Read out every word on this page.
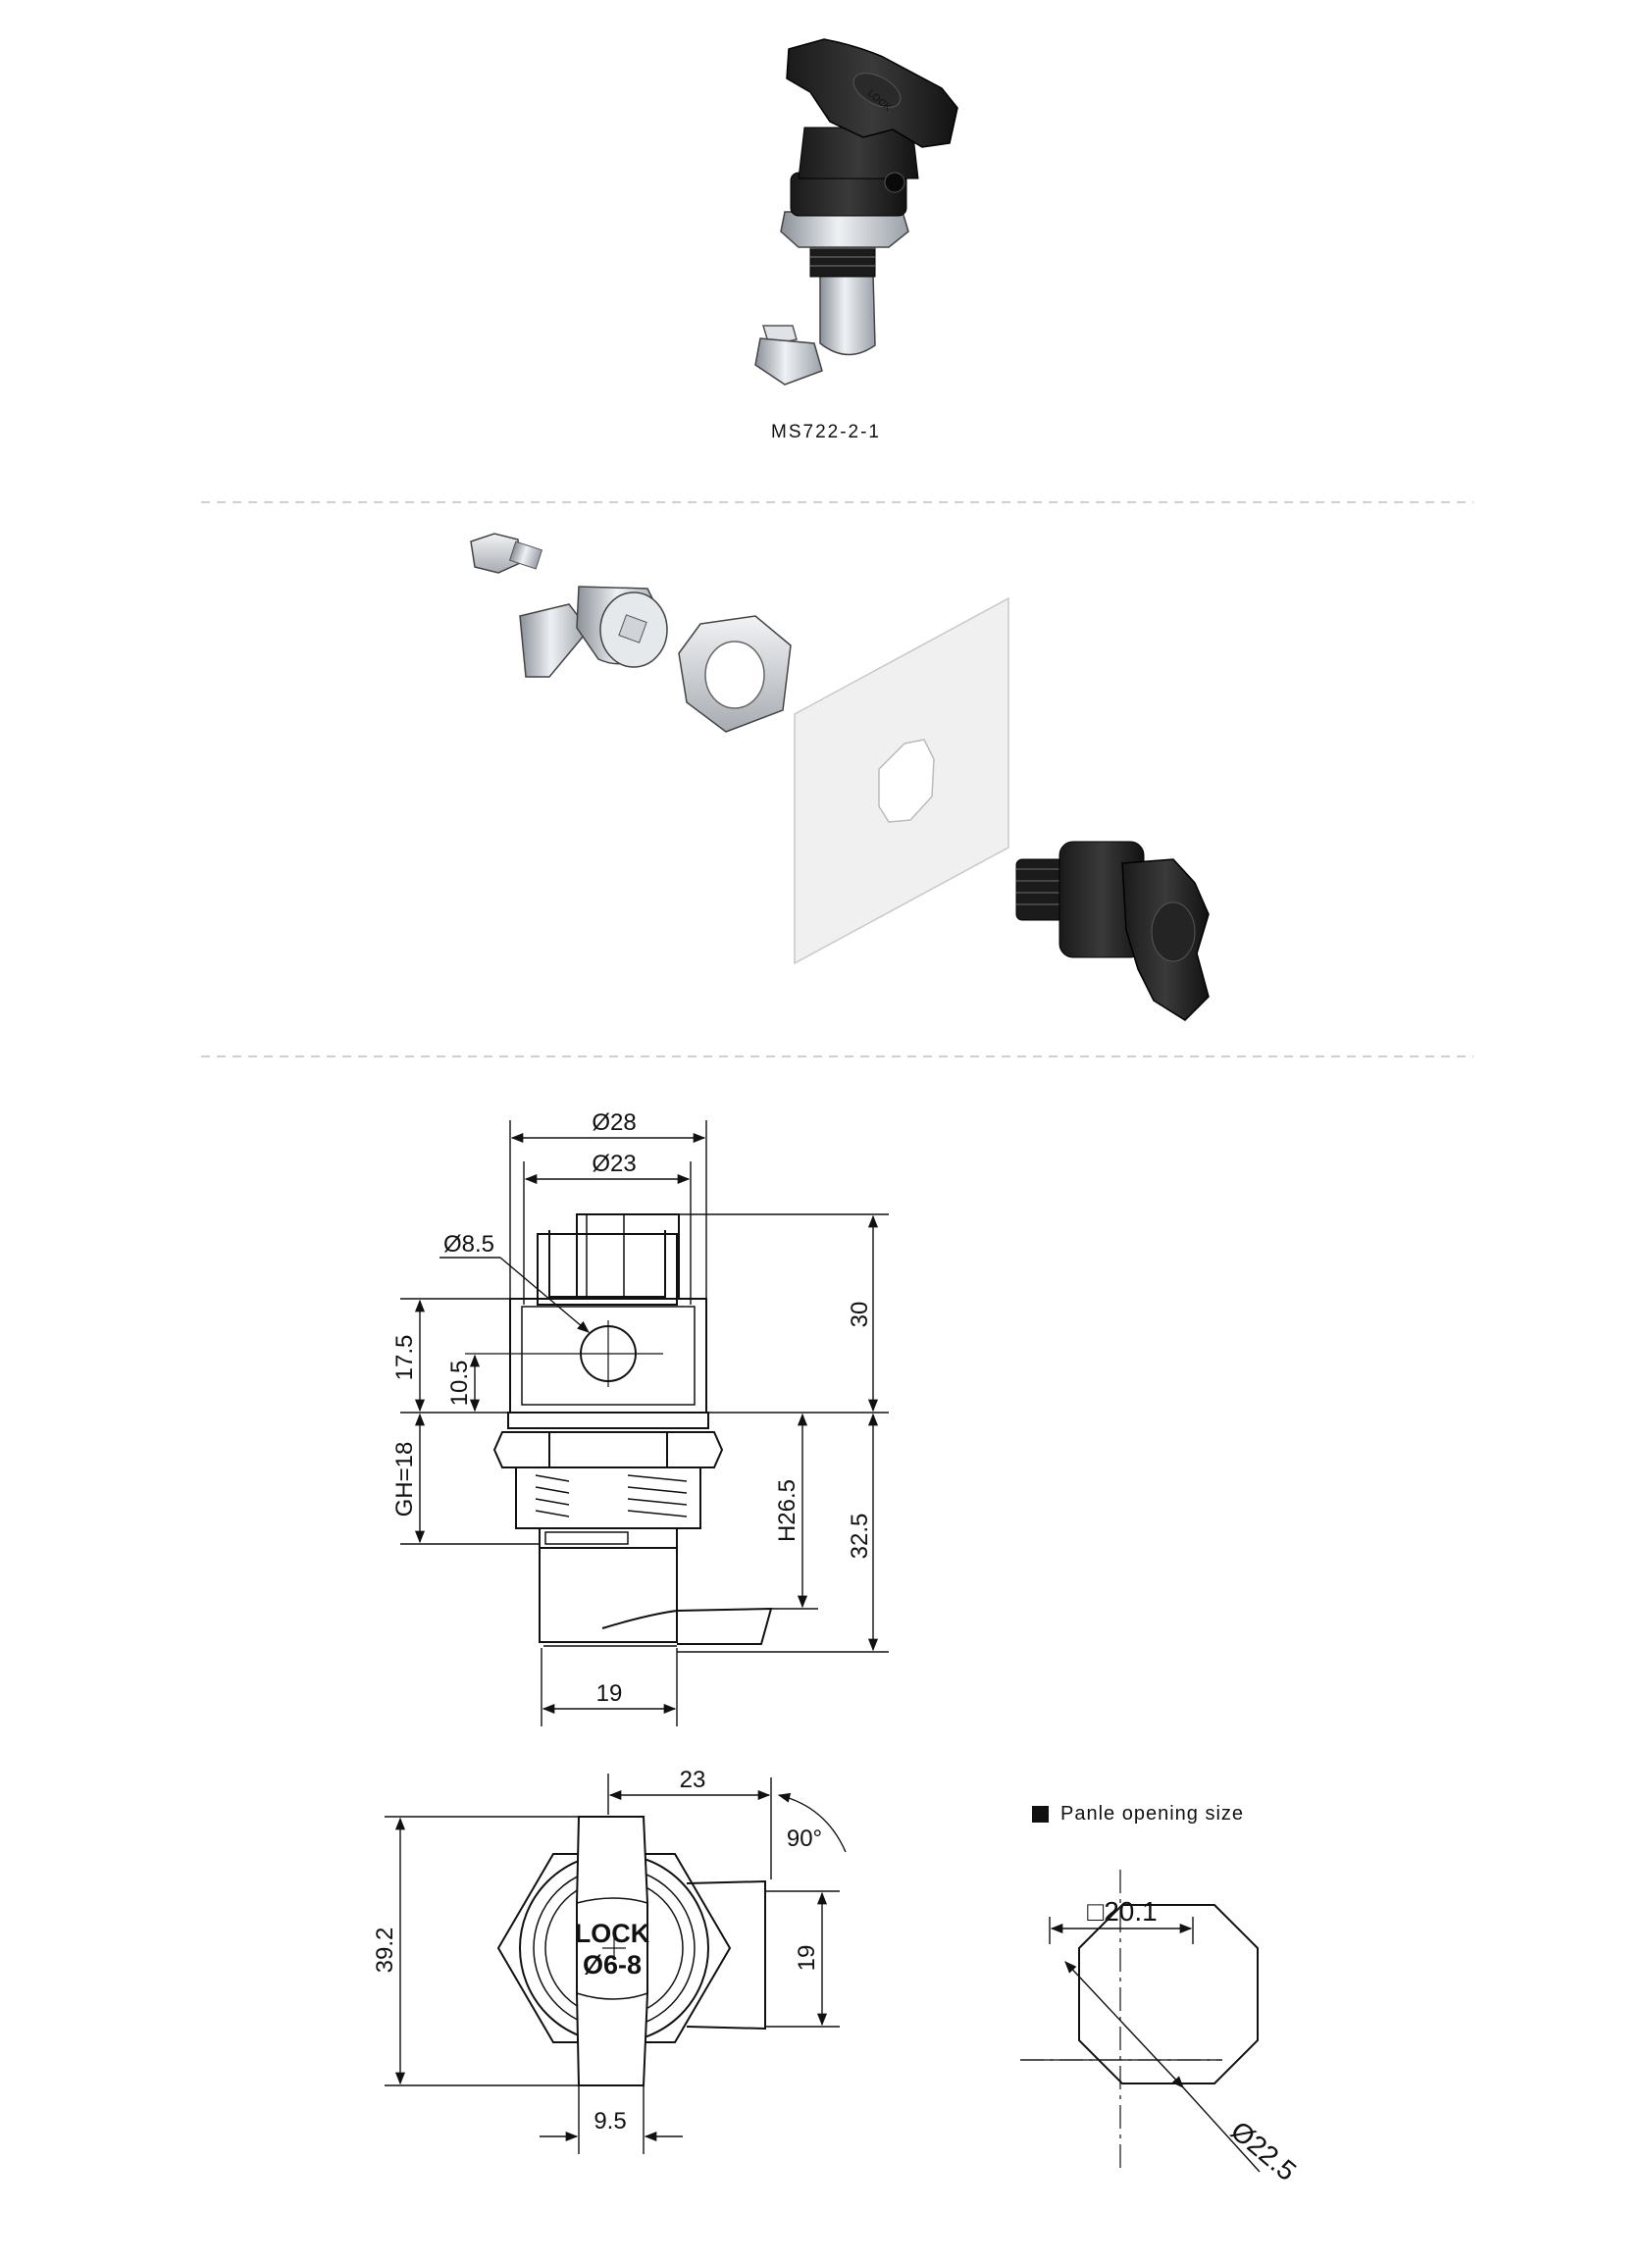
LOCK
MS722-2-1
Ø28
Ø23
Ø8.5
30
17.5
10.5
GH=18	H26.5 32.5
19
LOCK
Ø6-8
23
90°
39.2	19
9.5
□20.1
Ø22.5
Panle opening size
